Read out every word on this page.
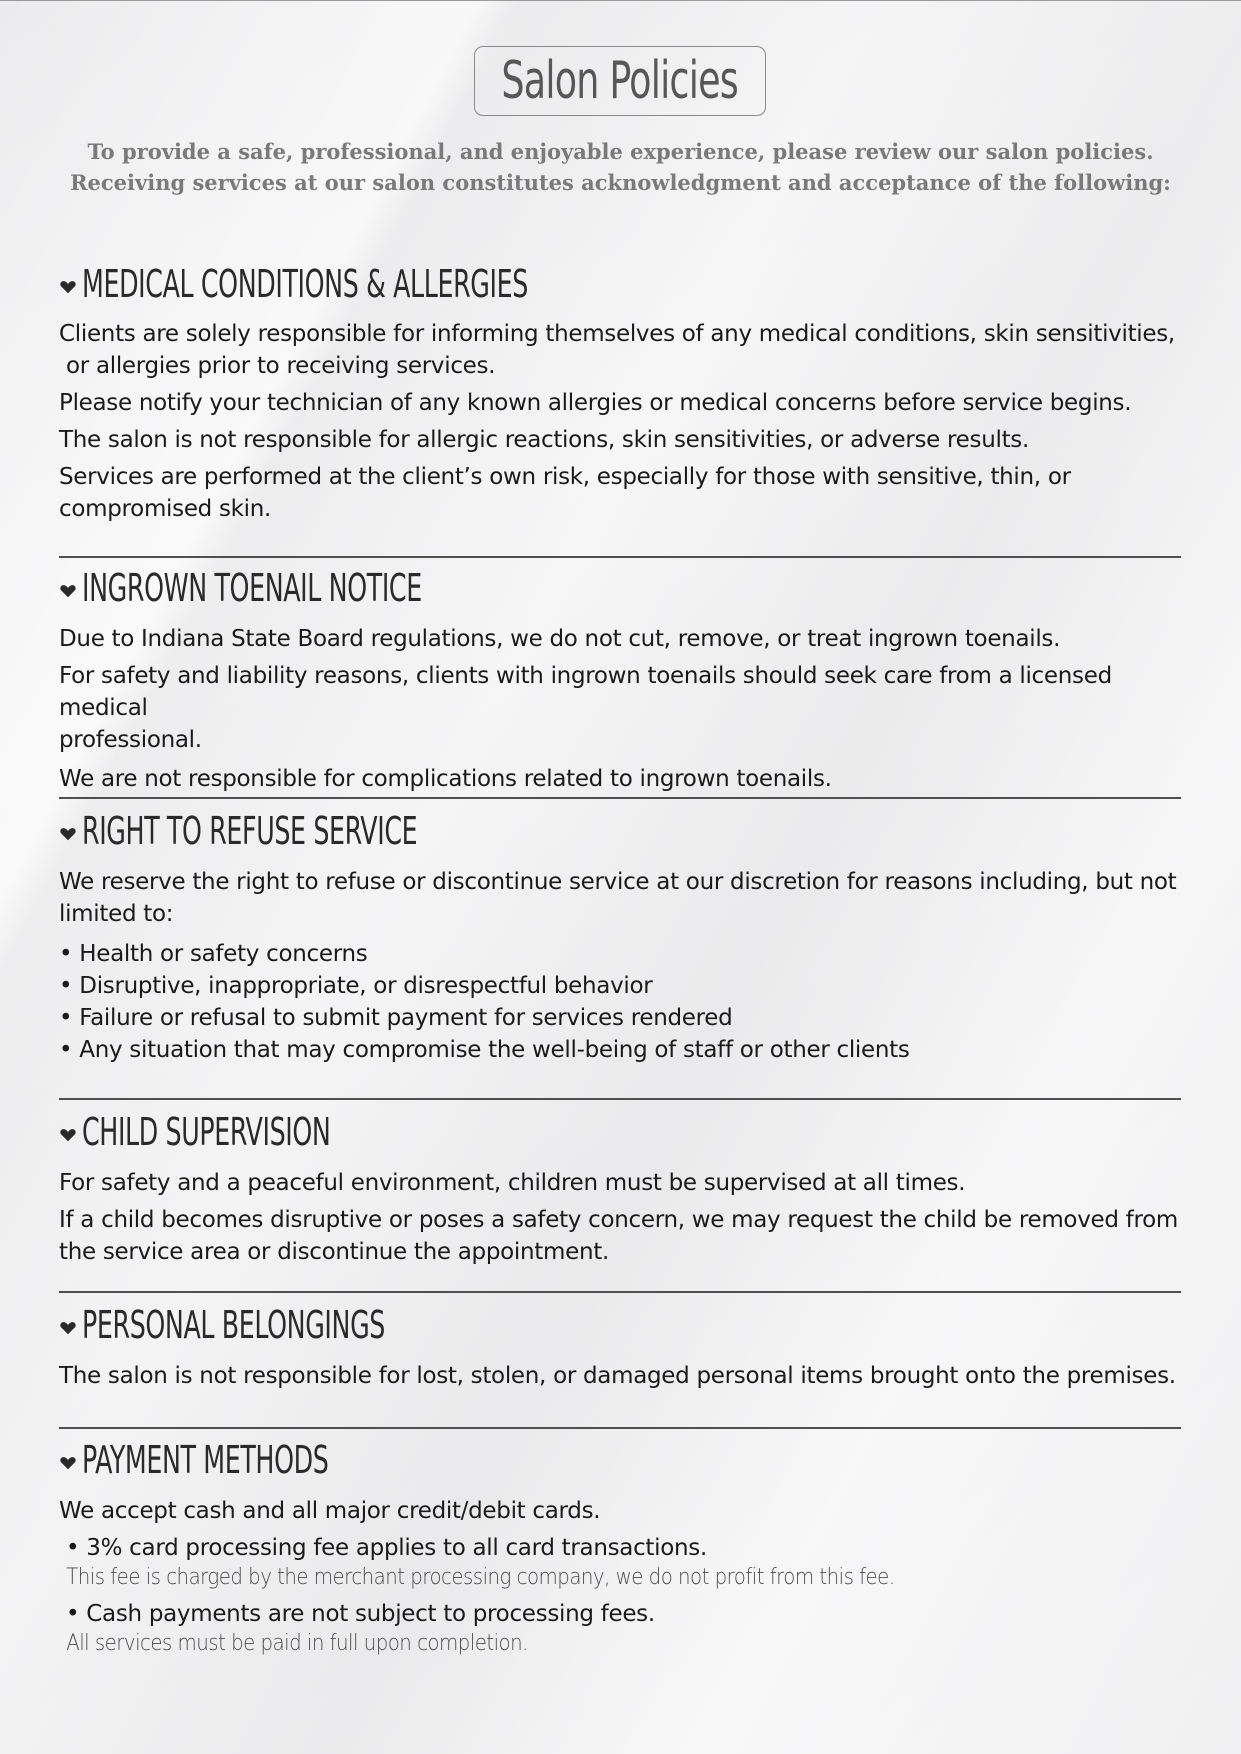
Salon Policies
To provide a safe, professional, and enjoyable experience, please review our salon policies.
Receiving services at our salon constitutes acknowledgment and acceptance of the following:
MEDICAL CONDITIONS & ALLERGIES

Clients are solely responsible for informing themselves of any medical conditions, skin sensitivities,

or allergies prior to receiving services.

Please notify your technician of any known allergies or medical concerns before service begins.

The salon is not responsible for allergic reactions, skin sensitivities, or adverse results.

Services are performed at the client’s own risk, especially for those with sensitive, thin, or

compromised skin.

INGROWN TOENAIL NOTICE

Due to Indiana State Board regulations, we do not cut, remove, or treat ingrown toenails.

For safety and liability reasons, clients with ingrown toenails should seek care from a licensed medical

professional.

We are not responsible for complications related to ingrown toenails.

RIGHT TO REFUSE SERVICE

We reserve the right to refuse or discontinue service at our discretion for reasons including, but not

limited to:

• Health or safety concerns

• Disruptive, inappropriate, or disrespectful behavior

• Failure or refusal to submit payment for services rendered

• Any situation that may compromise the well-being of staff or other clients

CHILD SUPERVISION

For safety and a peaceful environment, children must be supervised at all times.

If a child becomes disruptive or poses a safety concern, we may request the child be removed from

the service area or discontinue the appointment.

PERSONAL BELONGINGS

The salon is not responsible for lost, stolen, or damaged personal items brought onto the premises.

PAYMENT METHODS

We accept cash and all major credit/debit cards.

• 3% card processing fee applies to all card transactions.

This fee is charged by the merchant processing company, we do not profit from this fee.

• Cash payments are not subject to processing fees.

All services must be paid in full upon completion.
